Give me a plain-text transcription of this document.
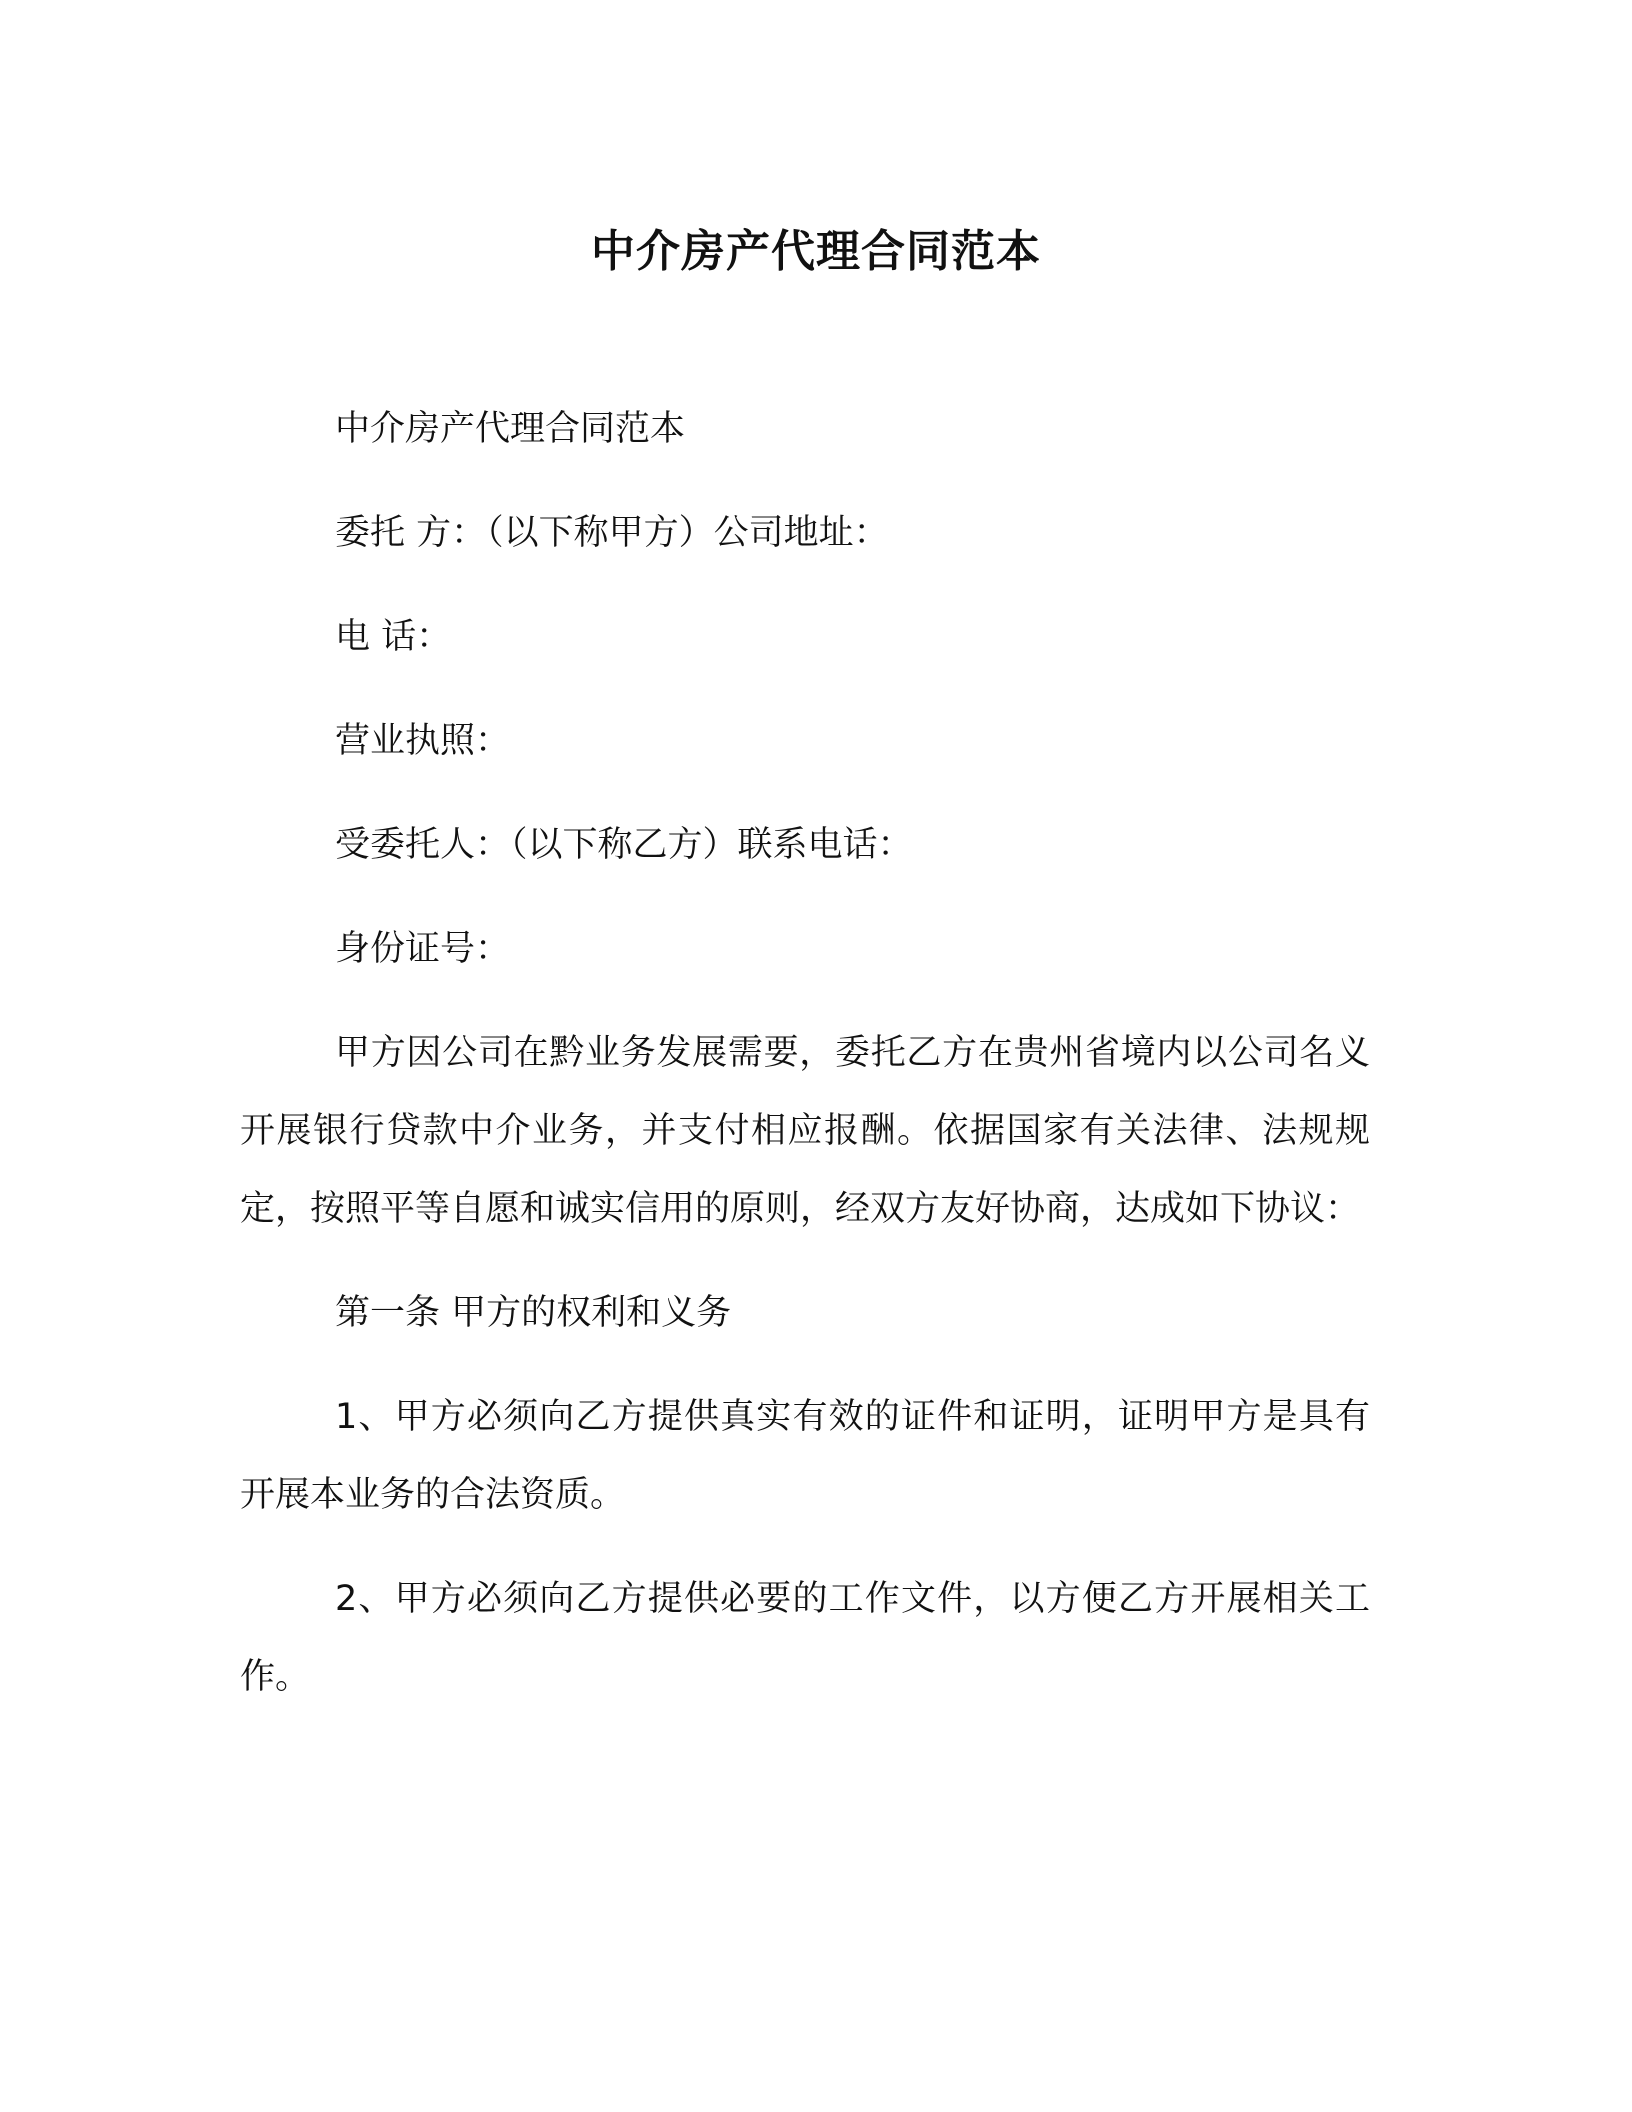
中介房产代理合同范本

中介房产代理合同范本

委托 方：（以下称甲方）公司地址：

电 话：

营业执照：

受委托人：（以下称乙方）联系电话：

身份证号：

甲方因公司在黔业务发展需要，委托乙方在贵州省境内以公司名义开展银行贷款中介业务，并支付相应报酬。依据国家有关法律、法规规定，按照平等自愿和诚实信用的原则，经双方友好协商，达成如下协议：

第一条 甲方的权利和义务

1、甲方必须向乙方提供真实有效的证件和证明，证明甲方是具有开展本业务的合法资质。

2、甲方必须向乙方提供必要的工作文件，以方便乙方开展相关工作。
